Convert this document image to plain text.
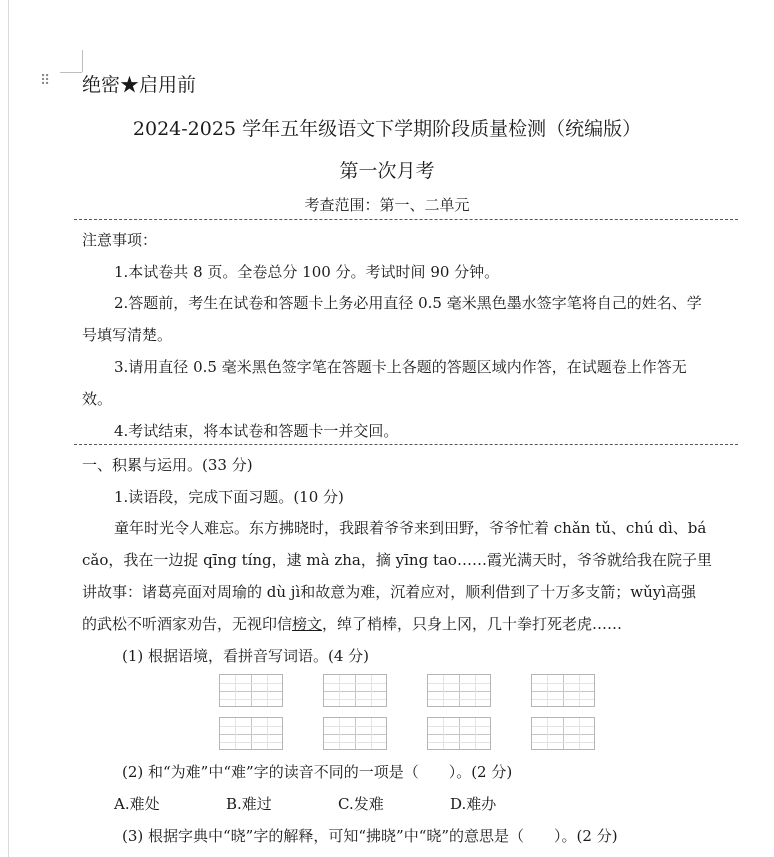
⠿ 绝密★启用前
2024-2025 学年五年级语文下学期阶段质量检测（统编版）
第一次月考
考查范围：第一、二单元
注意事项：
1.本试卷共 8 页。全卷总分 100 分。考试时间 90 分钟。
2.答题前，考生在试卷和答题卡上务必用直径 0.5 毫米黑色墨水签字笔将自己的姓名、学
号填写清楚。
3.请用直径 0.5 毫米黑色签字笔在答题卡上各题的答题区域内作答，在试题卷上作答无
效。
4.考试结束，将本试卷和答题卡一并交回。
一、积累与运用。(33 分)
1.读语段，完成下面习题。(10 分)
童年时光令人难忘。东方拂晓时，我跟着爷爷来到田野，爷爷忙着 chǎn tǔ、chú dì、bá
cǎo，我在一边捉 qīng tíng，逮 mà zha，摘 yīng tao……霞光满天时，爷爷就给我在院子里
讲故事：诸葛亮面对周瑜的 dù jì和故意为难，沉着应对，顺利借到了十万多支箭；wǔyì高强
的武松不听酒家劝告，无视印信榜文，绰了梢棒，只身上冈，几十拳打死老虎……
(1) 根据语境，看拼音写词语。(4 分)
(2) 和“为难”中“难”字的读音不同的一项是（　　）。(2 分)
A.难处	B.难过	C.发难	D.难办
(3) 根据字典中“晓”字的解释，可知“拂晓”中“晓”的意思是（　　）。(2 分)
